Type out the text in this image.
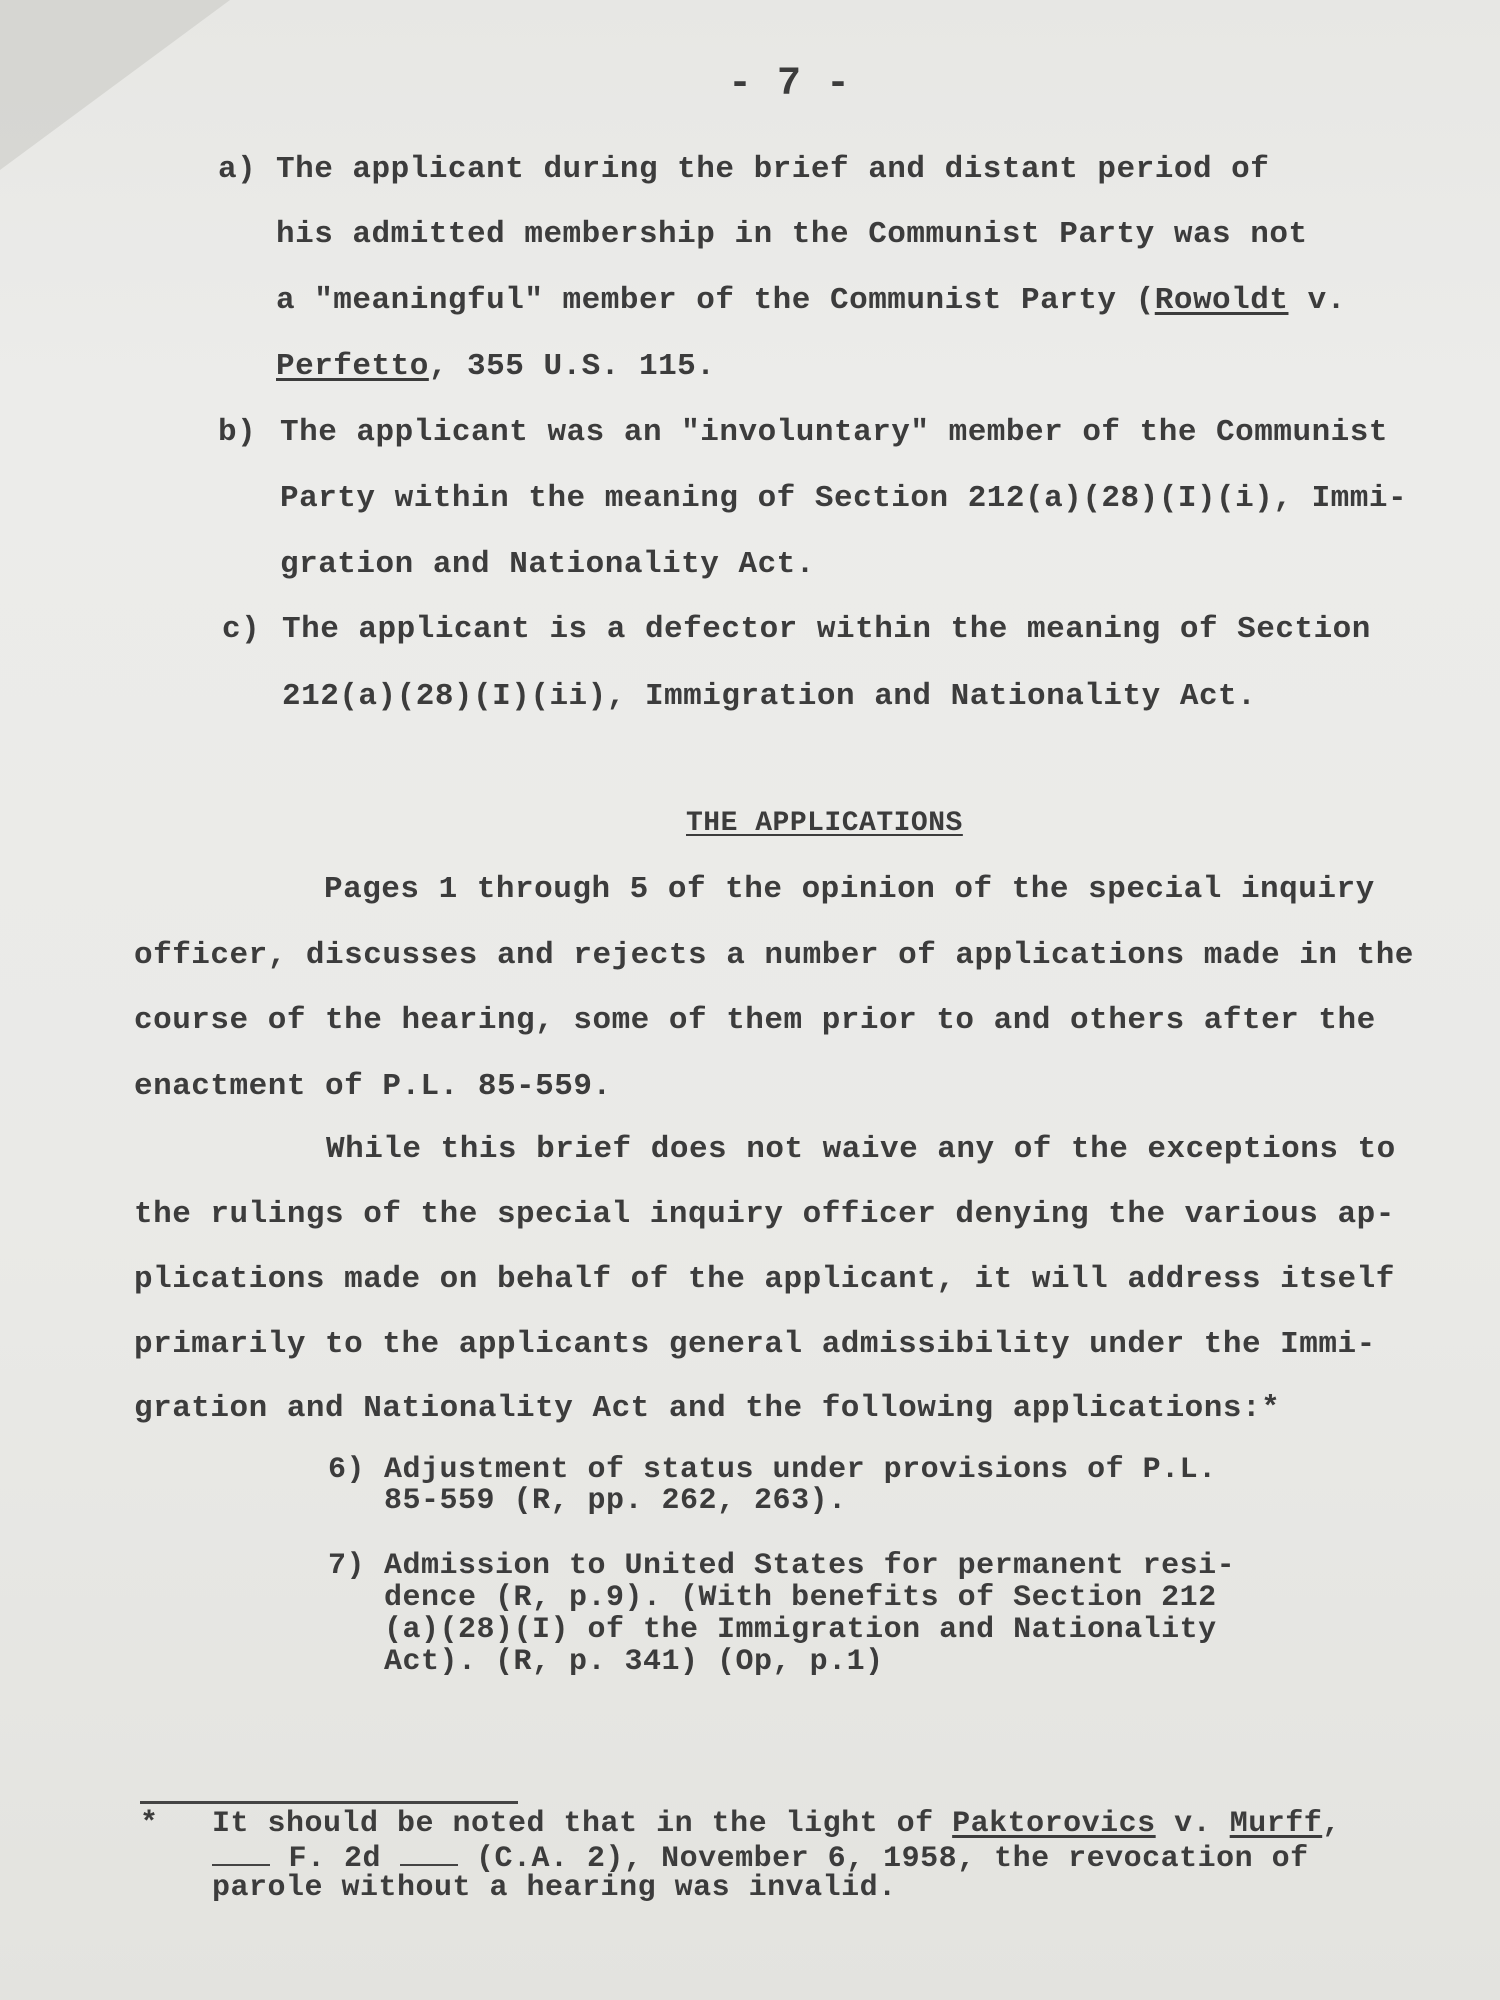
- 7 -
a) The applicant during the brief and distant period of
his admitted membership in the Communist Party was not
a "meaningful" member of the Communist Party (Rowoldt v.
Perfetto, 355 U.S. 115.
b) The applicant was an "involuntary" member of the Communist
Party within the meaning of Section 212(a)(28)(I)(i), Immi-
gration and Nationality Act.
c) The applicant is a defector within the meaning of Section
212(a)(28)(I)(ii), Immigration and Nationality Act.
THE APPLICATIONS
Pages 1 through 5 of the opinion of the special inquiry
officer, discusses and rejects a number of applications made in the
course of the hearing, some of them prior to and others after the
enactment of P.L. 85-559.
While this brief does not waive any of the exceptions to
the rulings of the special inquiry officer denying the various ap-
plications made on behalf of the applicant, it will address itself
primarily to the applicants general admissibility under the Immi-
gration and Nationality Act and the following applications:*
6) Adjustment of status under provisions of P.L.
85-559 (R, pp. 262, 263).
7) Admission to United States for permanent resi-
dence (R, p.9). (With benefits of Section 212
(a)(28)(I) of the Immigration and Nationality
Act). (R, p. 341) (Op, p.1)
* It should be noted that in the light of Paktorovics v. Murff,
F. 2d  (C.A. 2), November 6, 1958, the revocation of
parole without a hearing was invalid.
